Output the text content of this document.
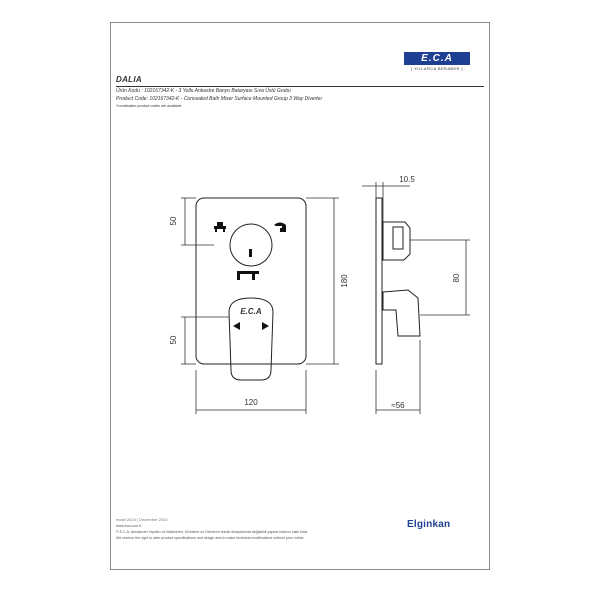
E.C.A
[ YILLARCA BERABER ]
DALIA
Ürün Kodu : 102167342-K - 3 Yollu Ankastre Banyo Bataryası Sıva Üstü Grubu
Product Code: 102167342-K - Concealed Bath Mixer Surface Mounted Group 3 Way Diverter
*Localisation product codes are available.
E.C.A
50
50
180
120
10.5
80
≈56
ecaIe 2024 | December 2023
www.eca.com.tr
© E.C.A. Armaturen Yapıları ve Makineleri, Ürünlerin ve Ürünlerin teknik detaylarında değişiklik yapma hakkını saklı tutar.
We reserve the right to alter product specifications and design and to make technical modifications without prior notice.
Elginkan
